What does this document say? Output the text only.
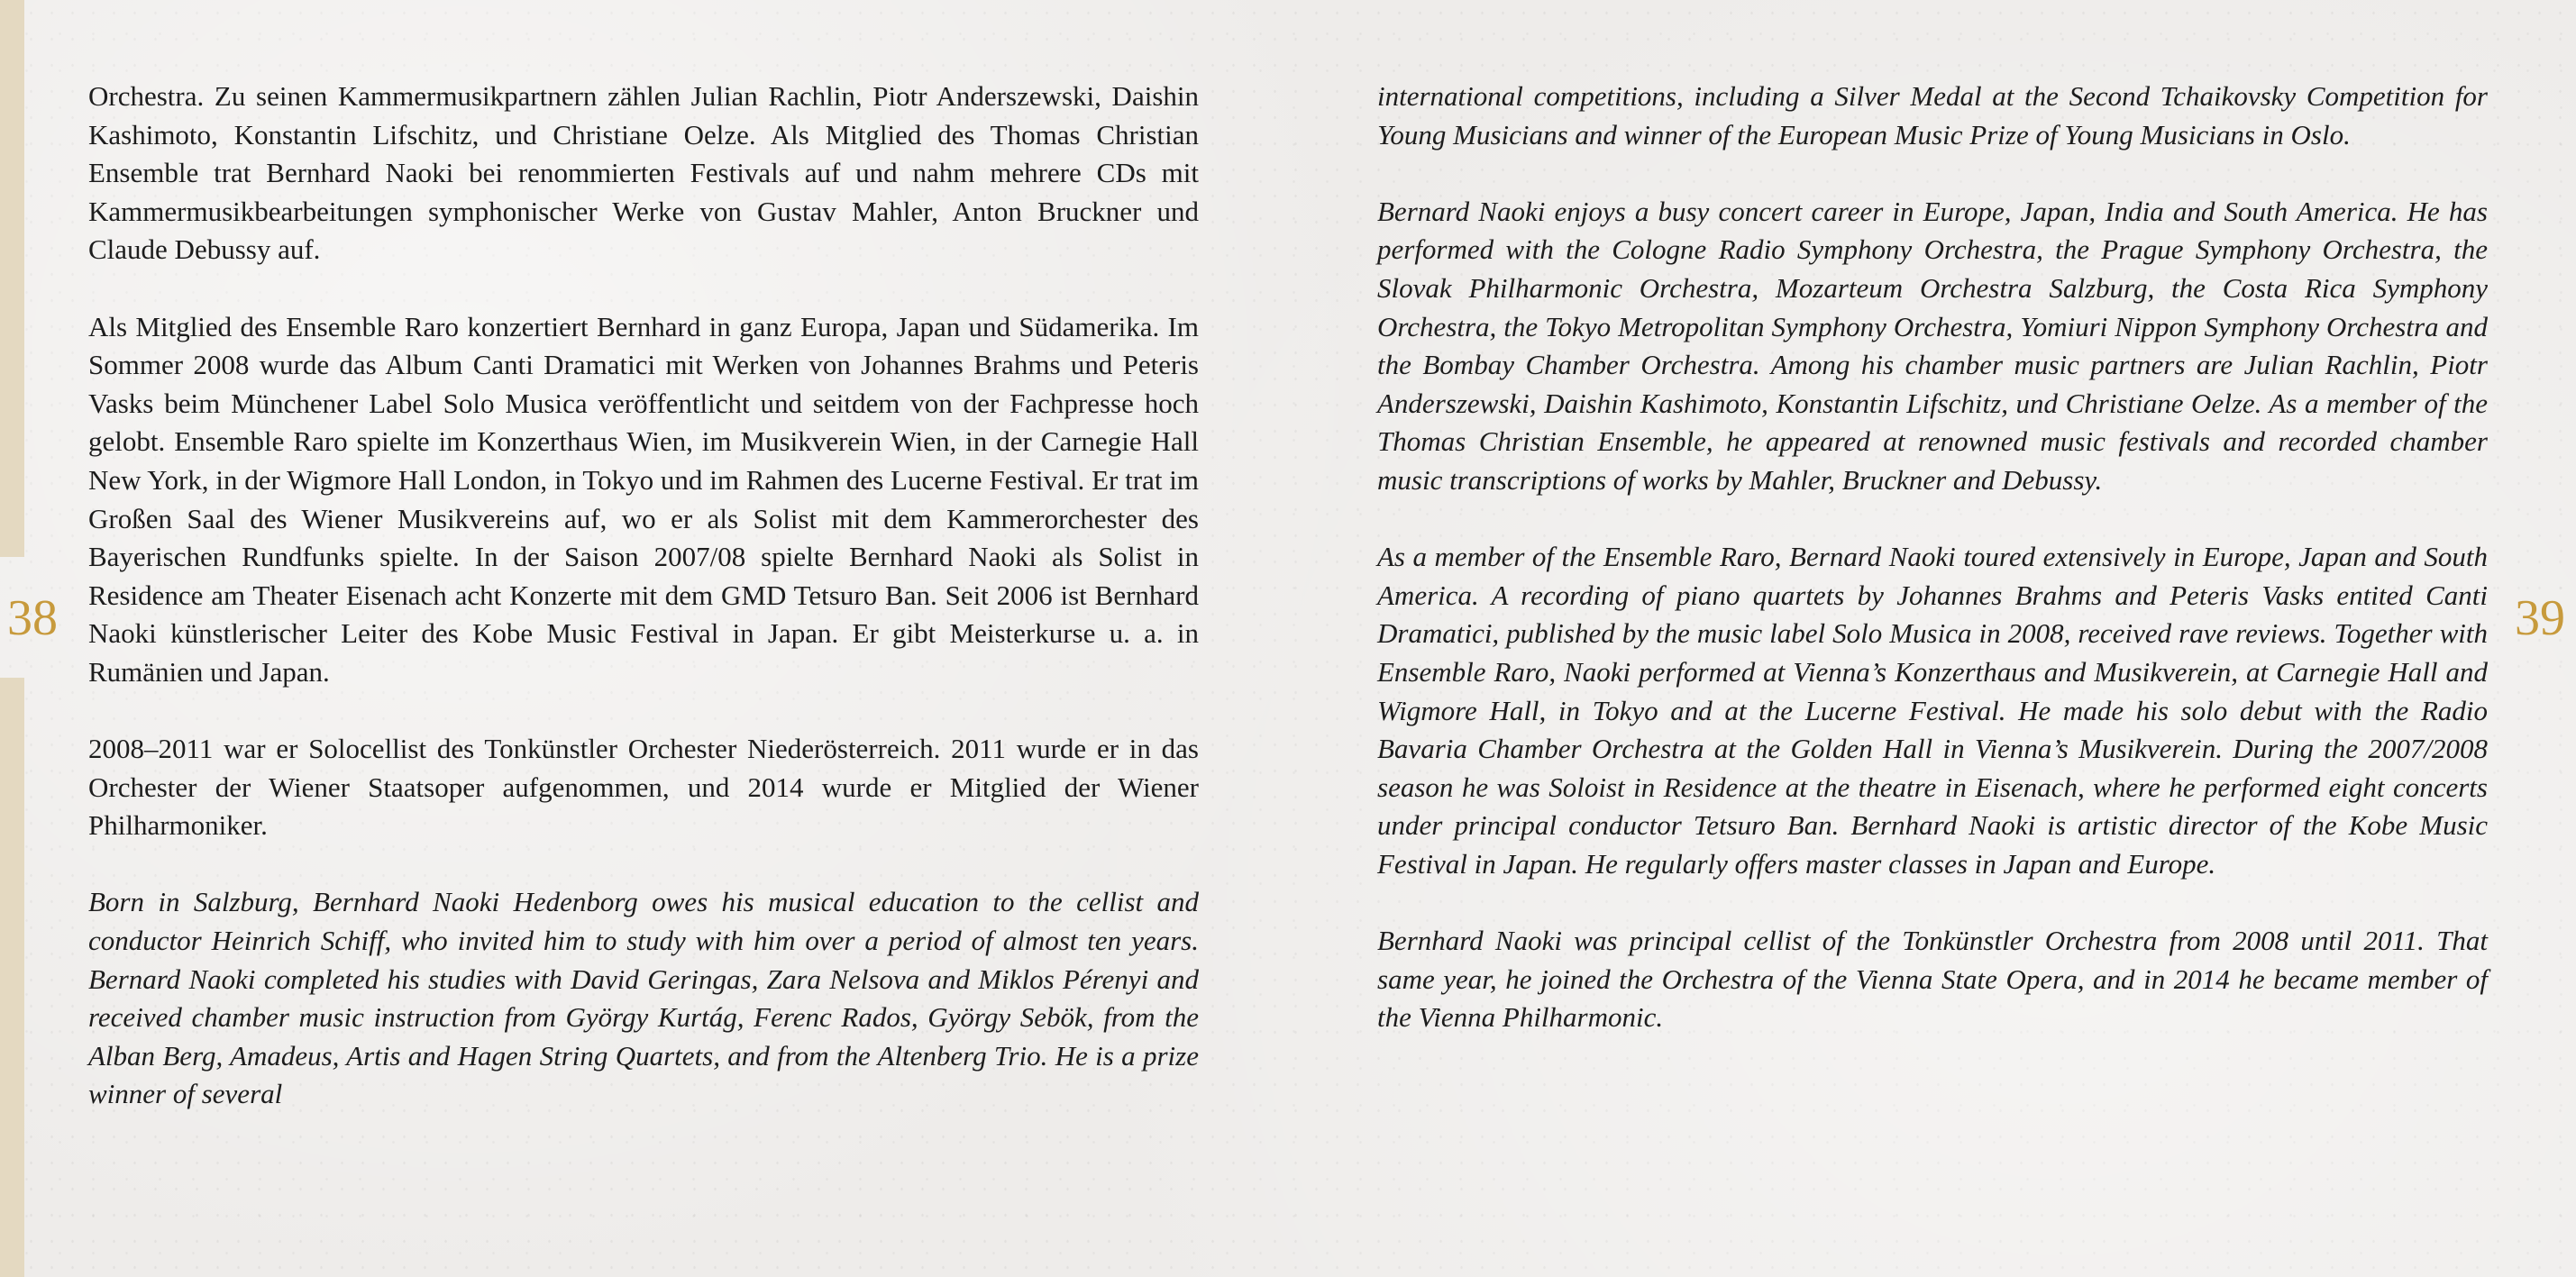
38	39

Orchestra. Zu seinen Kammermusikpartnern zählen Julian Rachlin, Piotr Anderszewski, Daishin Kashimoto, Konstantin Lifschitz, und Christiane Oelze. Als Mitglied des Thomas Christian Ensemble trat Bernhard Naoki bei renommierten Festivals auf und nahm mehrere CDs mit Kammermusikbearbeitungen symphonischer Werke von Gustav Mahler, Anton Bruckner und Claude Debussy auf.

Als Mitglied des Ensemble Raro konzertiert Bernhard in ganz Europa, Japan und Südamerika. Im Sommer 2008 wurde das Album Canti Dramatici mit Werken von Johannes Brahms und Peteris Vasks beim Münchener Label Solo Musica veröffentlicht und seitdem von der Fachpresse hoch gelobt. Ensemble Raro spielte im Konzerthaus Wien, im Musikverein Wien, in der Carnegie Hall New York, in der Wigmore Hall London, in Tokyo und im Rahmen des Lucerne Festival. Er trat im Großen Saal des Wiener Musikvereins auf, wo er als Solist mit dem Kammerorchester des Bayerischen Rundfunks spielte. In der Saison 2007/08 spielte Bernhard Naoki als Solist in Residence am Theater Eisenach acht Konzerte mit dem GMD Tetsuro Ban. Seit 2006 ist Bernhard Naoki künstlerischer Leiter des Kobe Music Festival in Japan. Er gibt Meisterkurse u. a. in Rumänien und Japan.

2008–2011 war er Solocellist des Tonkünstler Orchester Niederösterreich. 2011 wurde er in das Orchester der Wiener Staatsoper aufgenommen, und 2014 wurde er Mitglied der Wiener Philharmoniker.

Born in Salzburg, Bernhard Naoki Hedenborg owes his musical education to the cellist and conductor Heinrich Schiff, who invited him to study with him over a period of almost ten years. Bernard Naoki completed his studies with David Geringas, Zara Nelsova and Miklos Pérenyi and received chamber music instruction from György Kurtág, Ferenc Rados, György Sebök, from the Alban Berg, Amadeus, Artis and Hagen String Quartets, and from the Altenberg Trio. He is a prize winner of several

international competitions, including a Silver Medal at the Second Tchaikovsky Competition for Young Musicians and winner of the European Music Prize of Young Musicians in Oslo.

Bernard Naoki enjoys a busy concert career in Europe, Japan, India and South America. He has performed with the Cologne Radio Symphony Orchestra, the Prague Symphony Orchestra, the Slovak Philharmonic Orchestra, Mozarteum Orchestra Salzburg, the Costa Rica Symphony Orchestra, the Tokyo Metropolitan Symphony Orchestra, Yomiuri Nippon Symphony Orchestra and the Bombay Chamber Orchestra. Among his chamber music partners are Julian Rachlin, Piotr Anderszewski, Daishin Kashimoto, Konstantin Lifschitz, und Christiane Oelze. As a member of the Thomas Christian Ensemble, he appeared at renowned music festivals and recorded chamber music transcriptions of works by Mahler, Bruckner and Debussy.

As a member of the Ensemble Raro, Bernard Naoki toured extensively in Europe, Japan and South America. A recording of piano quartets by Johannes Brahms and Peteris Vasks entited Canti Dramatici, published by the music label Solo Musica in 2008, received rave reviews. Together with Ensemble Raro, Naoki performed at Vienna’s Konzerthaus and Musikverein, at Carnegie Hall and Wigmore Hall, in Tokyo and at the Lucerne Festival. He made his solo debut with the Radio Bavaria Chamber Orchestra at the Golden Hall in Vienna’s Musikverein. During the 2007/2008 season he was Soloist in Residence at the theatre in Eisenach, where he performed eight concerts under principal conductor Tetsuro Ban. Bernhard Naoki is artistic director of the Kobe Music Festival in Japan. He regularly offers master classes in Japan and Europe.

Bernhard Naoki was principal cellist of the Tonkünstler Orchestra from 2008 until 2011. That same year, he joined the Orchestra of the Vienna State Opera, and in 2014 he became member of the Vienna Philharmonic.
